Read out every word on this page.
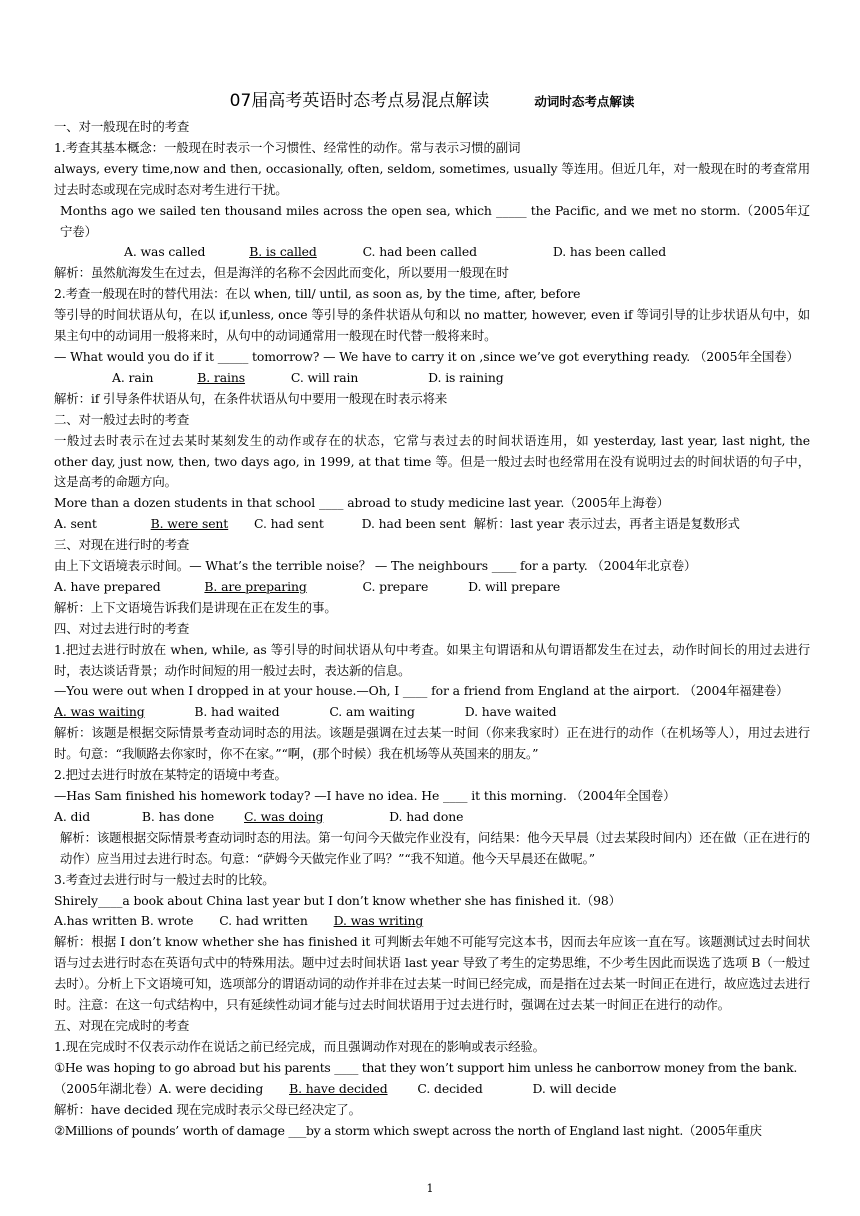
07届高考英语时态考点易混点解读	动词时态考点解读

一、对一般现在时的考查

1.考查其基本概念：一般现在时表示一个习惯性、经常性的动作。常与表示习惯的副词

always, every time,now and then, occasionally, often, seldom, sometimes, usually 等连用。但近几年，对一般现在时的考查常用过去时态或现在完成时态对考生进行干扰。

Months ago we sailed ten thousand miles across the open sea, which _____ the Pacific, and we met no storm.（2005年辽宁卷）

A. was called	B. is called	C. had been called	D. has been called

解析：虽然航海发生在过去，但是海洋的名称不会因此而变化，所以要用一般现在时

2.考查一般现在时的替代用法：在以 when, till/ until, as soon as, by the time, after, before

等引导的时间状语从句，在以 if,unless, once 等引导的条件状语从句和以 no matter, however, even if 等词引导的让步状语从句中，如果主句中的动词用一般将来时，从句中的动词通常用一般现在时代替一般将来时。

— What would you do if it _____ tomorrow? — We have to carry it on ,since we’ve got everything ready. （2005年全国卷）

A. rain	B. rains	C. will rain	D. is raining

解析：if 引导条件状语从句，在条件状语从句中要用一般现在时表示将来

二、对一般过去时的考查

一般过去时表示在过去某时某刻发生的动作或存在的状态，它常与表过去的时间状语连用，如 yesterday, last year, last night, the other day, just now, then, two days ago, in 1999, at that time 等。但是一般过去时也经常用在没有说明过去的时间状语的句子中，这是高考的命题方向。

More than a dozen students in that school ____ abroad to study medicine last year.（2005年上海卷）

A. sent	B. were sent C. had sent	D. had been sent 解析：last year 表示过去，再者主语是复数形式

三、对现在进行时的考查

由上下文语境表示时间。— What’s the terrible noise？ — The neighbours ____ for a party. （2004年北京卷）

A. have prepared	B. are preparing	C. prepare	D. will prepare

解析：上下文语境告诉我们是讲现在正在发生的事。

四、对过去进行时的考查

1.把过去进行时放在 when, while, as 等引导的时间状语从句中考查。如果主句谓语和从句谓语都发生在过去，动作时间长的用过去进行时，表达谈话背景；动作时间短的用一般过去时，表达新的信息。

—You were out when I dropped in at your house.—Oh, I ____ for a friend from England at the airport. （2004年福建卷）

A. was waiting	B. had waited	C. am waiting	D. have waited

解析：该题是根据交际情景考查动词时态的用法。该题是强调在过去某一时间（你来我家时）正在进行的动作（在机场等人），用过去进行时。句意：“我顺路去你家时，你不在家。”“啊，(那个时候）我在机场等从英国来的朋友。”

2.把过去进行时放在某特定的语境中考查。

—Has Sam finished his homework today? —I have no idea. He ____ it this morning. （2004年全国卷）

A. did	B. has done C. was doing	D. had done

解析：该题根据交际情景考查动词时态的用法。第一句问今天做完作业没有，问结果：他今天早晨（过去某段时间内）还在做（正在进行的动作）应当用过去进行时态。句意：“萨姆今天做完作业了吗？”“我不知道。他今天早晨还在做呢。”

3.考查过去进行时与一般过去时的比较。

Shirely____a book about China last year but I don’t know whether she has finished it.（98）

A.has written B. wrote C. had written D. was writing

解析：根据 I don’t know whether she has finished it 可判断去年她不可能写完这本书，因而去年应该一直在写。该题测试过去时间状语与过去进行时态在英语句式中的特殊用法。题中过去时间状语 last year 导致了考生的定势思维，不少考生因此而误选了选项 B（一般过去时）。分析上下文语境可知，选项部分的谓语动词的动作并非在过去某一时间已经完成，而是指在过去某一时间正在进行，故应选过去进行时。注意：在这一句式结构中，只有延续性动词才能与过去时间状语用于过去进行时，强调在过去某一时间正在进行的动作。

五、对现在完成时的考查

1.现在完成时不仅表示动作在说话之前已经完成，而且强调动作对现在的影响或表示经验。

①He was hoping to go abroad but his parents ____ that they won’t support him unless he canborrow money from the bank.

（2005年湖北卷）A. were deciding B. have decided C. decided	D. will decide

解析：have decided 现在完成时表示父母已经决定了。

②Millions of pounds’ worth of damage ___by a storm which swept across the north of England last night.（2005年重庆

1
